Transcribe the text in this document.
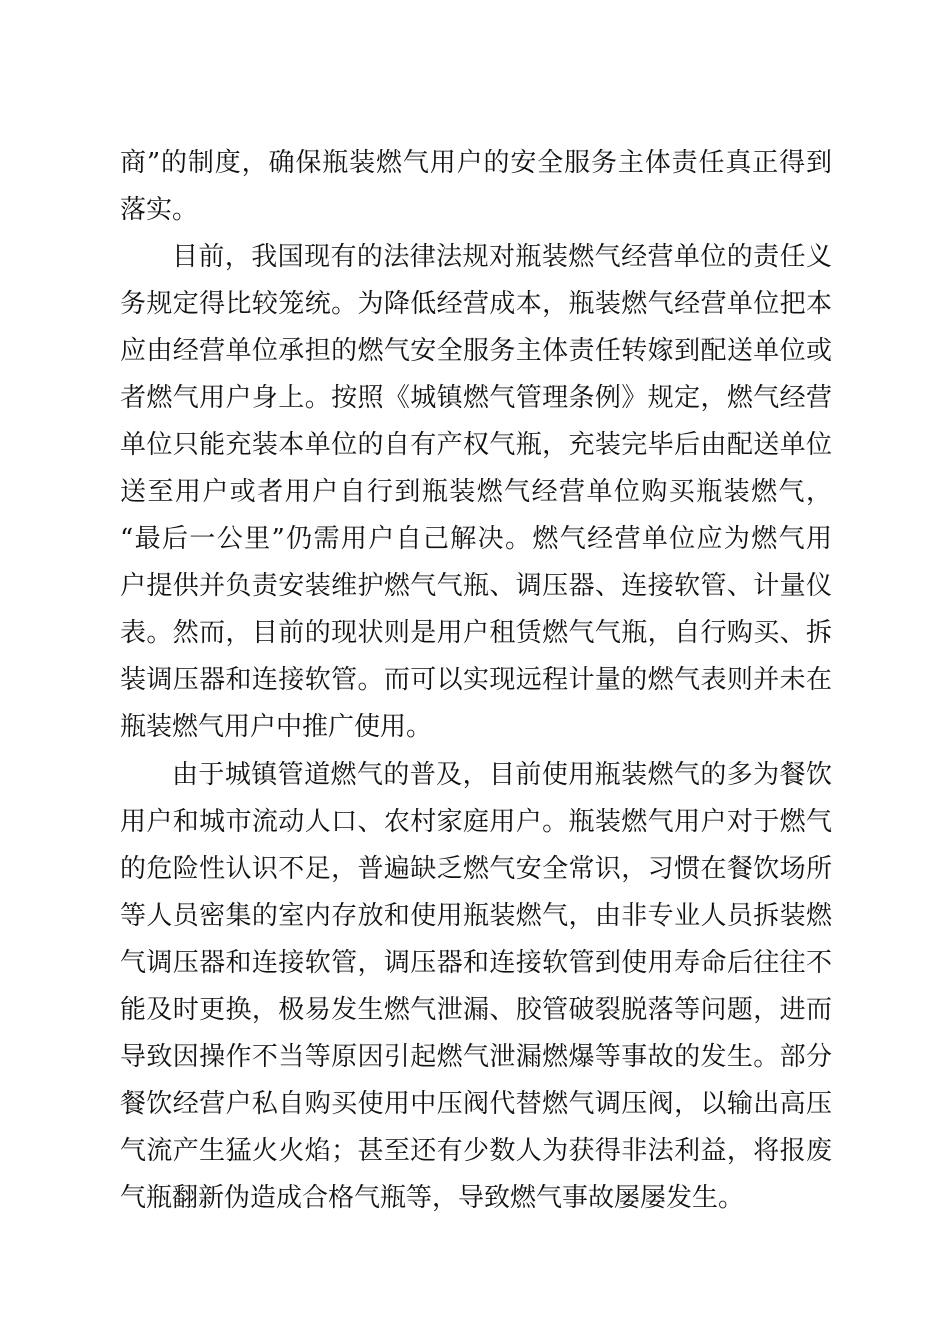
商”的制度，确保瓶装燃气用户的安全服务主体责任真正得到
落实。
目前，我国现有的法律法规对瓶装燃气经营单位的责任义
务规定得比较笼统。为降低经营成本，瓶装燃气经营单位把本
应由经营单位承担的燃气安全服务主体责任转嫁到配送单位或
者燃气用户身上。按照《城镇燃气管理条例》规定，燃气经营
单位只能充装本单位的自有产权气瓶，充装完毕后由配送单位
送至用户或者用户自行到瓶装燃气经营单位购买瓶装燃气，
“最后一公里”仍需用户自己解决。燃气经营单位应为燃气用
户提供并负责安装维护燃气气瓶、调压器、连接软管、计量仪
表。然而，目前的现状则是用户租赁燃气气瓶，自行购买、拆
装调压器和连接软管。而可以实现远程计量的燃气表则并未在
瓶装燃气用户中推广使用。
由于城镇管道燃气的普及，目前使用瓶装燃气的多为餐饮
用户和城市流动人口、农村家庭用户。瓶装燃气用户对于燃气
的危险性认识不足，普遍缺乏燃气安全常识，习惯在餐饮场所
等人员密集的室内存放和使用瓶装燃气，由非专业人员拆装燃
气调压器和连接软管，调压器和连接软管到使用寿命后往往不
能及时更换，极易发生燃气泄漏、胶管破裂脱落等问题，进而
导致因操作不当等原因引起燃气泄漏燃爆等事故的发生。部分
餐饮经营户私自购买使用中压阀代替燃气调压阀，以输出高压
气流产生猛火火焰；甚至还有少数人为获得非法利益，将报废
气瓶翻新伪造成合格气瓶等，导致燃气事故屡屡发生。
